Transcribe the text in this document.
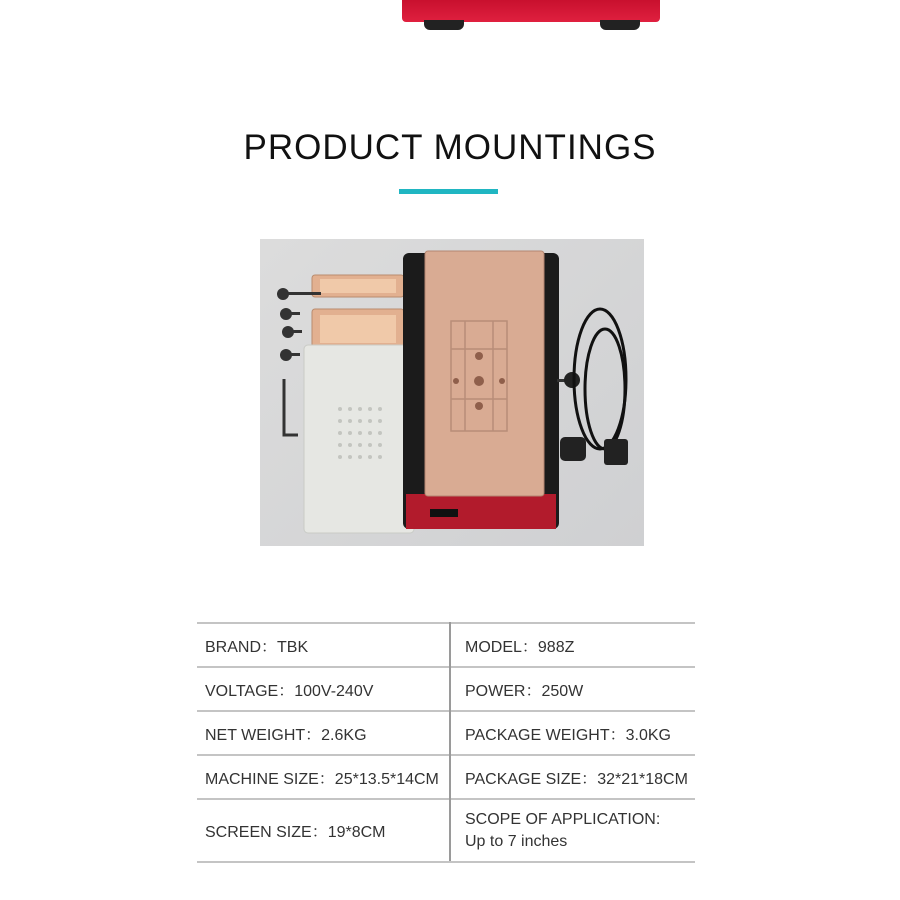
PRODUCT MOUNTINGS
BRAND：TBK	MODEL：988Z
VOLTAGE：100V-240V	POWER：250W
NET WEIGHT：2.6KG	PACKAGE WEIGHT：3.0KG
MACHINE SIZE：25*13.5*14CM	PACKAGE SIZE：32*21*18CM
SCREEN SIZE：19*8CM	SCOPE OF APPLICATION:
Up to 7 inches
